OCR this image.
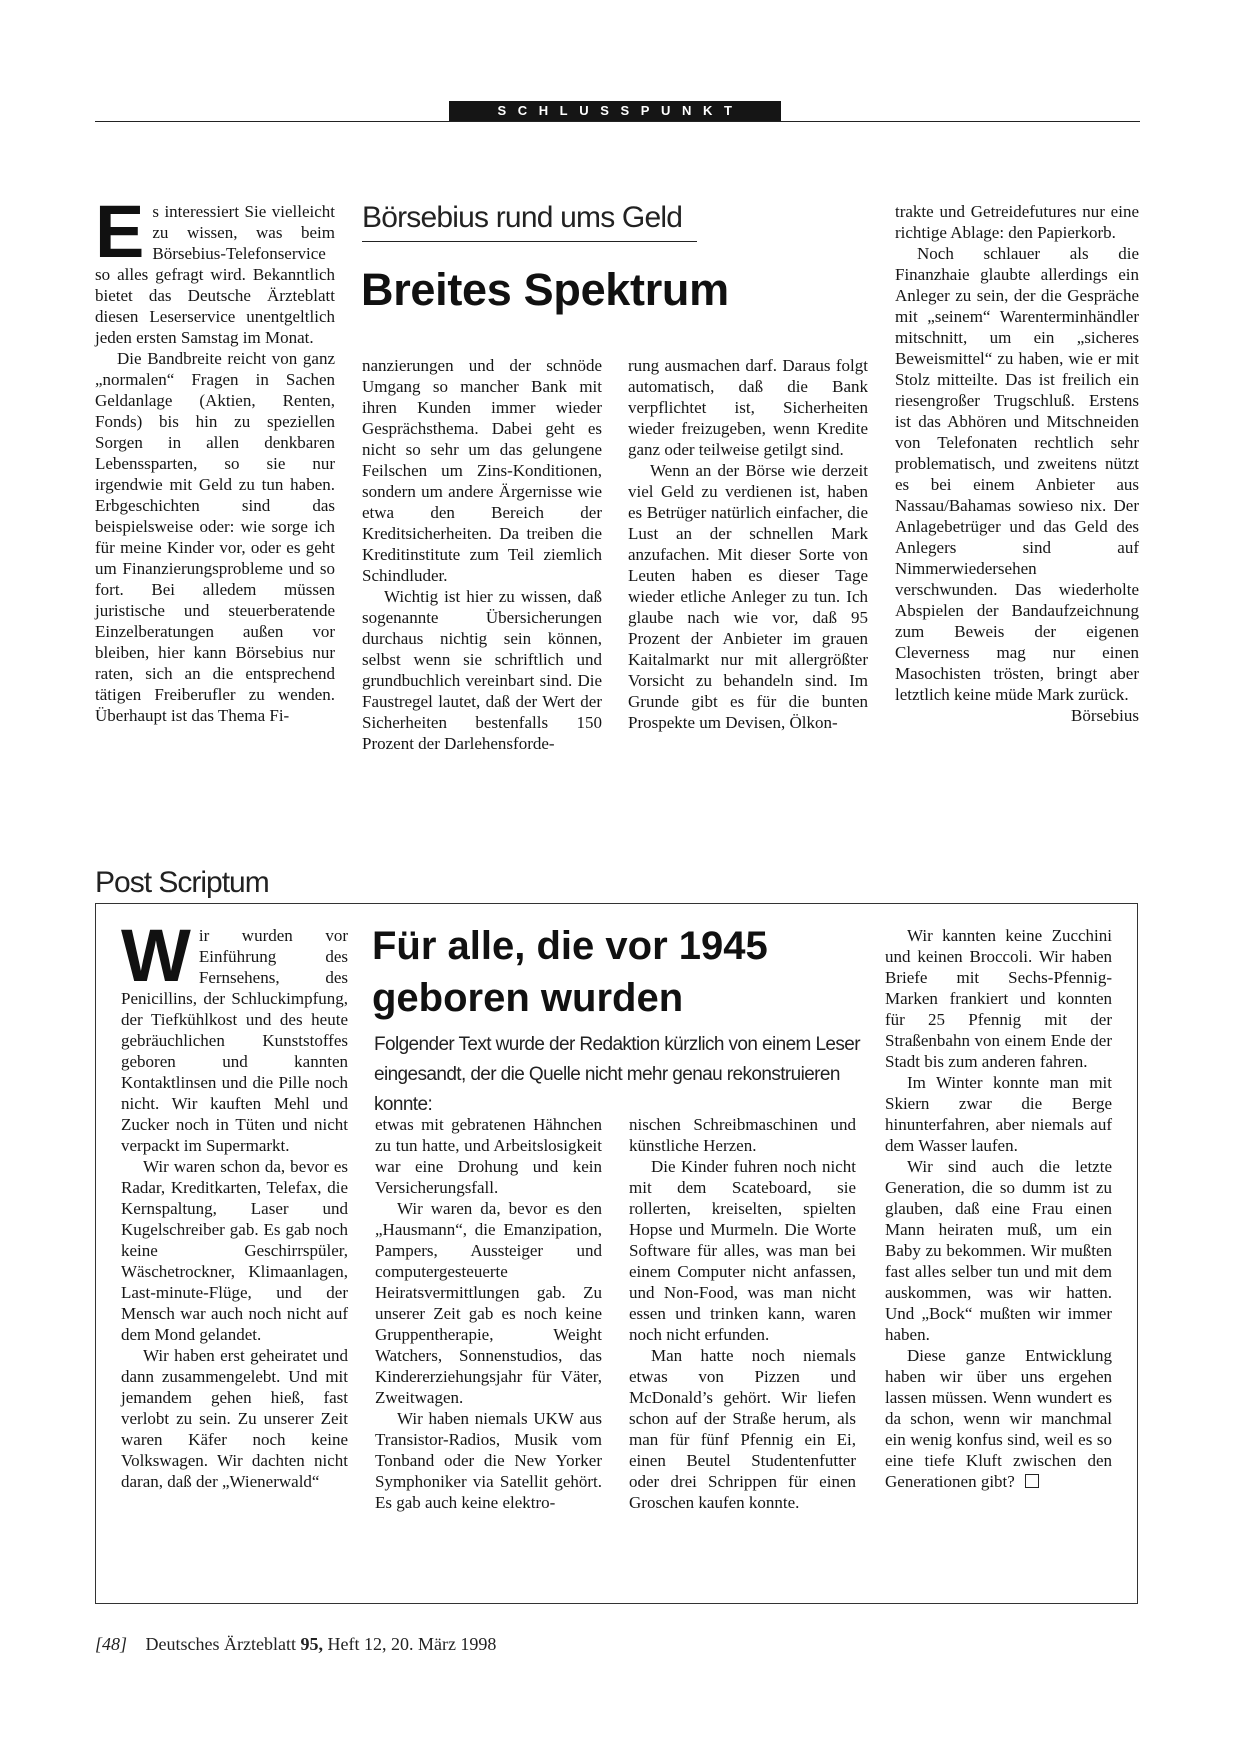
SCHLUSSPUNKT
Börsebius rund ums Geld
Breites Spektrum

Es interessiert Sie vielleicht zu wissen, was beim Börsebius-Telefonservice so alles gefragt wird. Bekanntlich bietet das Deutsche Ärzteblatt diesen Leserservice unentgeltlich jeden ersten Samstag im Monat.

Die Bandbreite reicht von ganz „normalen“ Fragen in Sachen Geldanlage (Aktien, Renten, Fonds) bis hin zu speziellen Sorgen in allen denkbaren Lebenssparten, so sie nur irgendwie mit Geld zu tun haben. Erbgeschichten sind das beispielsweise oder: wie sorge ich für meine Kinder vor, oder es geht um Finanzierungsprobleme und so fort. Bei alledem müssen juristische und steuerberatende Einzelberatungen außen vor bleiben, hier kann Börsebius nur raten, sich an die entsprechend tätigen Freiberufler zu wenden. Überhaupt ist das Thema Fi-

nanzierungen und der schnöde Umgang so mancher Bank mit ihren Kunden immer wieder Gesprächsthema. Dabei geht es nicht so sehr um das gelungene Feilschen um Zins-Konditionen, sondern um andere Ärgernisse wie etwa den Bereich der Kreditsicherheiten. Da treiben die Kreditinstitute zum Teil ziemlich Schindluder.

Wichtig ist hier zu wissen, daß sogenannte Übersicherungen durchaus nichtig sein können, selbst wenn sie schriftlich und grundbuchlich vereinbart sind. Die Faustregel lautet, daß der Wert der Sicherheiten bestenfalls 150 Prozent der Darlehensforde-

rung ausmachen darf. Daraus folgt automatisch, daß die Bank verpflichtet ist, Sicherheiten wieder freizugeben, wenn Kredite ganz oder teilweise getilgt sind.

Wenn an der Börse wie derzeit viel Geld zu verdienen ist, haben es Betrüger natürlich einfacher, die Lust an der schnellen Mark anzufachen. Mit dieser Sorte von Leuten haben es dieser Tage wieder etliche Anleger zu tun. Ich glaube nach wie vor, daß 95 Prozent der Anbieter im grauen Kaitalmarkt nur mit allergrößter Vorsicht zu behandeln sind. Im Grunde gibt es für die bunten Prospekte um Devisen, Ölkon-

trakte und Getreidefutures nur eine richtige Ablage: den Papierkorb.

Noch schlauer als die Finanzhaie glaubte allerdings ein Anleger zu sein, der die Gespräche mit „seinem“ Warenterminhändler mitschnitt, um ein „sicheres Beweismittel“ zu haben, wie er mit Stolz mitteilte. Das ist freilich ein riesengroßer Trugschluß. Erstens ist das Abhören und Mitschneiden von Telefonaten rechtlich sehr problematisch, und zweitens nützt es bei einem Anbieter aus Nassau/Bahamas sowieso nix. Der Anlagebetrüger und das Geld des Anlegers sind auf Nimmerwiedersehen verschwunden. Das wiederholte Abspielen der Bandaufzeichnung zum Beweis der eigenen Cleverness mag nur einen Masochisten trösten, bringt aber letztlich keine müde Mark zurück.
Börsebius

Post Scriptum
Für alle, die vor 1945 geboren wurden
Folgender Text wurde der Redaktion kürzlich von einem Leser eingesandt, der die Quelle nicht mehr genau rekonstruieren konnte:

Wir wurden vor Einführung des Fernsehens, des Penicillins, der Schluckimpfung, der Tiefkühlkost und des heute gebräuchlichen Kunststoffes geboren und kannten Kontaktlinsen und die Pille noch nicht. Wir kauften Mehl und Zucker noch in Tüten und nicht verpackt im Supermarkt.

Wir waren schon da, bevor es Radar, Kreditkarten, Telefax, die Kernspaltung, Laser und Kugelschreiber gab. Es gab noch keine Geschirrspüler, Wäschetrockner, Klimaanlagen, Last-minute-Flüge, und der Mensch war auch noch nicht auf dem Mond gelandet.

Wir haben erst geheiratet und dann zusammengelebt. Und mit jemandem gehen hieß, fast verlobt zu sein. Zu unserer Zeit waren Käfer noch keine Volkswagen. Wir dachten nicht daran, daß der „Wienerwald“

etwas mit gebratenen Hähnchen zu tun hatte, und Arbeitslosigkeit war eine Drohung und kein Versicherungsfall.

Wir waren da, bevor es den „Hausmann“, die Emanzipation, Pampers, Aussteiger und computergesteuerte Heiratsvermittlungen gab. Zu unserer Zeit gab es noch keine Gruppentherapie, Weight Watchers, Sonnenstudios, das Kindererziehungsjahr für Väter, Zweitwagen.

Wir haben niemals UKW aus Transistor-Radios, Musik vom Tonband oder die New Yorker Symphoniker via Satellit gehört. Es gab auch keine elektro-

nischen Schreibmaschinen und künstliche Herzen.

Die Kinder fuhren noch nicht mit dem Scateboard, sie rollerten, kreiselten, spielten Hopse und Murmeln. Die Worte Software für alles, was man bei einem Computer nicht anfassen, und Non-Food, was man nicht essen und trinken kann, waren noch nicht erfunden.

Man hatte noch niemals etwas von Pizzen und McDonald’s gehört. Wir liefen schon auf der Straße herum, als man für fünf Pfennig ein Ei, einen Beutel Studentenfutter oder drei Schrippen für einen Groschen kaufen konnte.

Wir kannten keine Zucchini und keinen Broccoli. Wir haben Briefe mit Sechs-Pfennig-Marken frankiert und konnten für 25 Pfennig mit der Straßenbahn von einem Ende der Stadt bis zum anderen fahren.

Im Winter konnte man mit Skiern zwar die Berge hinunterfahren, aber niemals auf dem Wasser laufen.

Wir sind auch die letzte Generation, die so dumm ist zu glauben, daß eine Frau einen Mann heiraten muß, um ein Baby zu bekommen. Wir mußten fast alles selber tun und mit dem auskommen, was wir hatten. Und „Bock“ mußten wir immer haben.

Diese ganze Entwicklung haben wir über uns ergehen lassen müssen. Wenn wundert es da schon, wenn wir manchmal ein wenig konfus sind, weil es so eine tiefe Kluft zwischen den Generationen gibt?

[48] Deutsches Ärzteblatt 95, Heft 12, 20. März 1998
